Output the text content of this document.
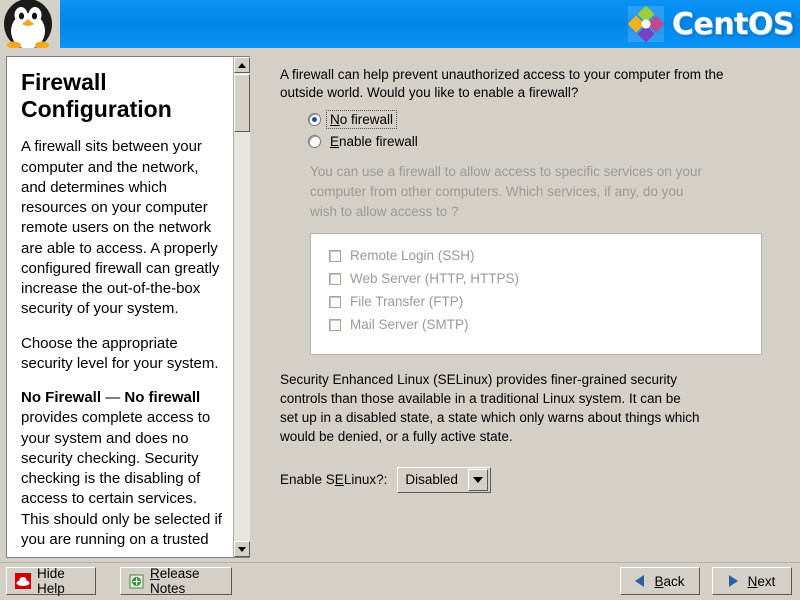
CentOS
Firewall Configuration

A firewall sits between your computer and the network, and determines which resources on your computer remote users on the network are able to access. A properly configured firewall can greatly increase the out-of-the-box security of your system.

Choose the appropriate security level for your system.

No Firewall — No firewall provides complete access to your system and does no security checking. Security checking is the disabling of access to certain services. This should only be selected if you are running on a trusted

A firewall can help prevent unauthorized access to your computer from the outside world. Would you like to enable a firewall?
No firewall
Enable firewall
You can use a firewall to allow access to specific services on your computer from other computers. Which services, if any, do you wish to allow access to ?
Remote Login (SSH)
Web Server (HTTP, HTTPS)
File Transfer (FTP)
Mail Server (SMTP)
Security Enhanced Linux (SELinux) provides finer-grained security controls than those available in a traditional Linux system. It can be set up in a disabled state, a state which only warns about things which would be denied, or a fully active state.
Enable SELinux?:	Disabled
Hide Help
Release Notes	Back	Next
